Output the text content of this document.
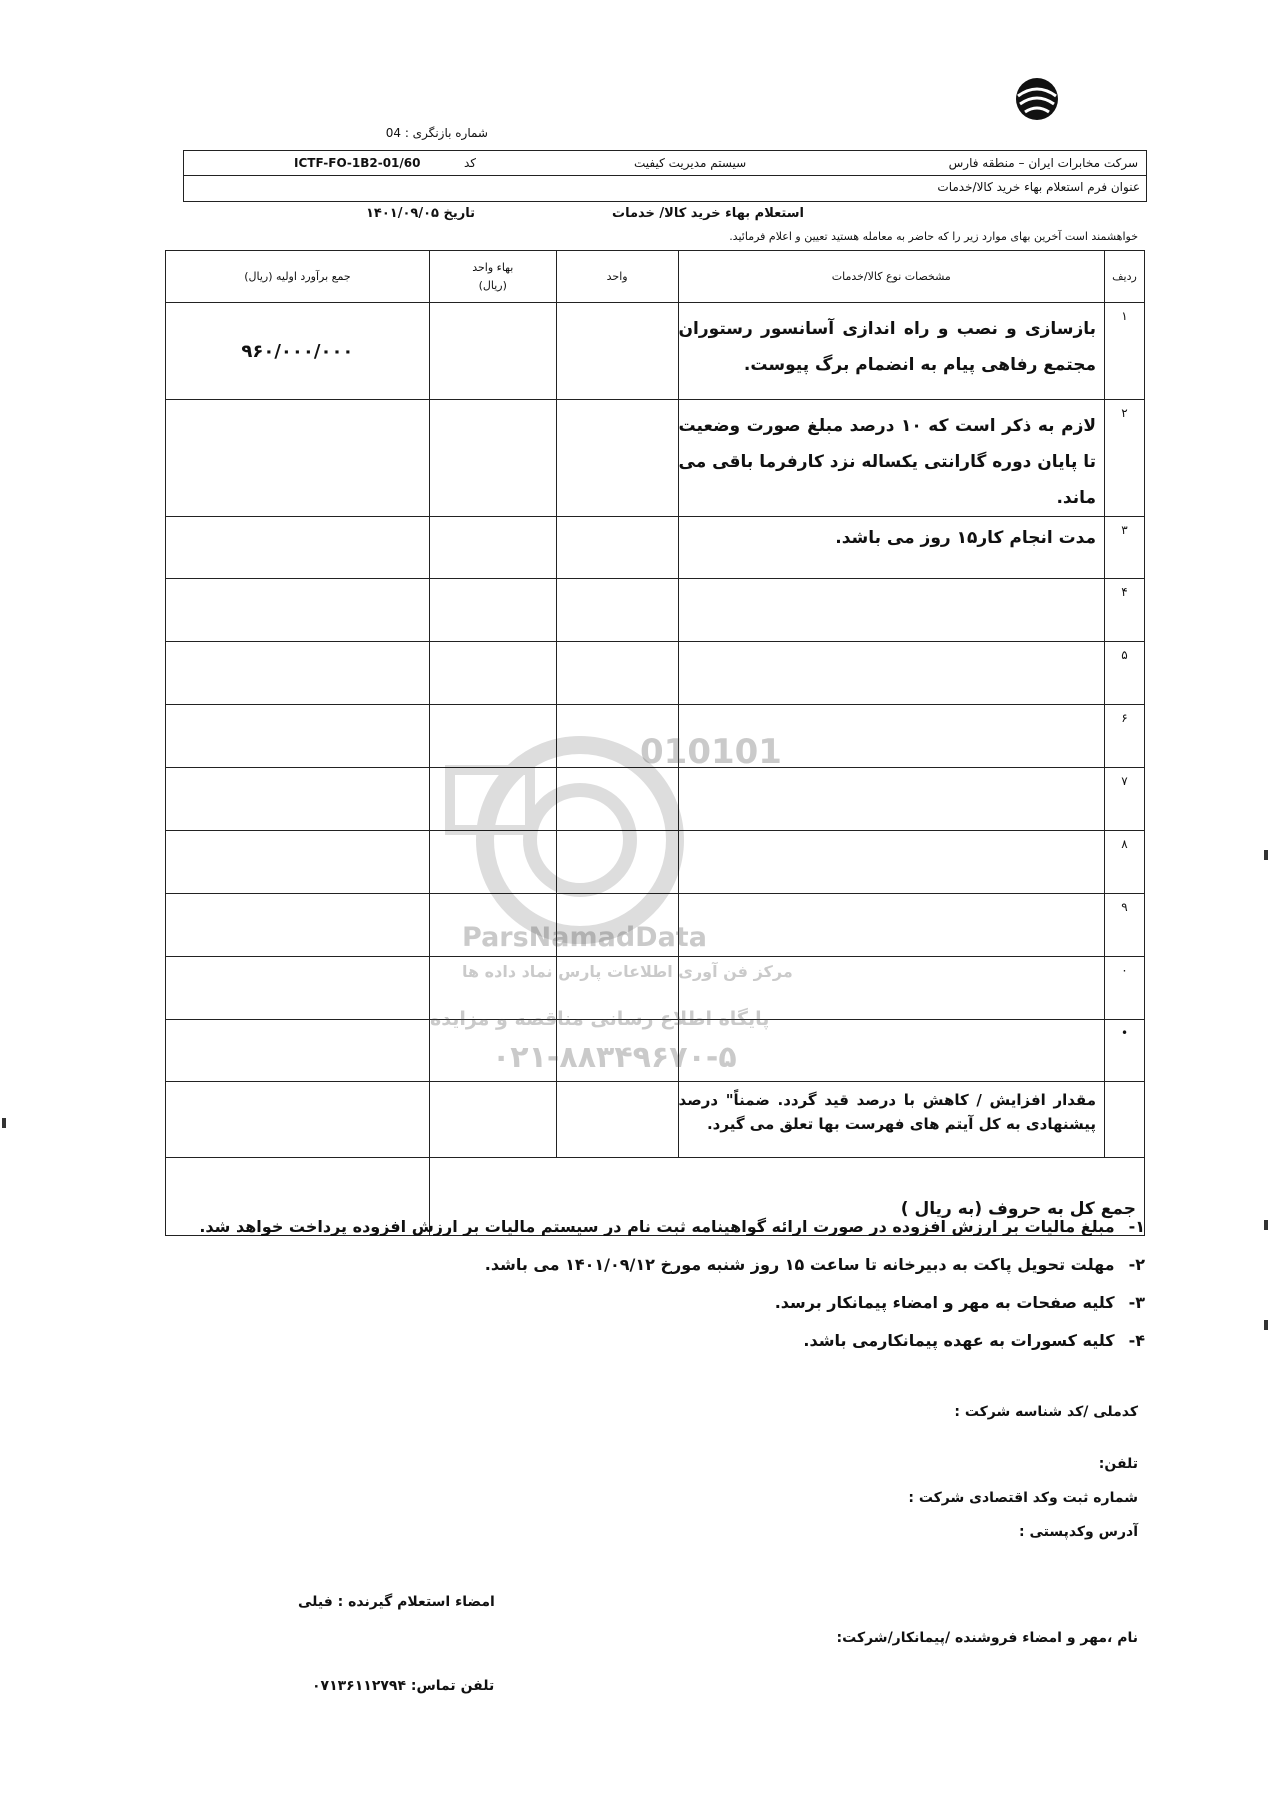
شماره بازنگری : 04
سرکت مخابرات ایران – منطقه فارس
سیستم مدیریت کیفیت
کد
ICTF-FO-1B2-01/60
عنوان فرم استعلام بهاء خرید کالا/خدمات
استعلام بهاء خرید کالا/ خدمات
تاریخ ۱۴۰۱/۰۹/۰۵
خواهشمند است آخرین بهای موارد زیر را که حاضر به معامله هستید تعیین و اعلام فرمائید.
ردیف	مشخصات نوع کالا/خدمات	واحد	بهاء واحد
(ریال)	جمع برآورد اولیه (ریال)
۱	بازسازی و نصب و راه اندازی آسانسور رستوران مجتمع رفاهی پیام به انضمام برگ پیوست.			۹۶۰/۰۰۰/۰۰۰
۲	لازم به ذکر است که ۱۰ درصد مبلغ صورت وضعیت تا پایان دوره گارانتی یکساله نزد کارفرما باقی می ماند.			
۳	مدت انجام کار۱۵ روز می باشد.			
۴				
۵				
۶				
۷				
۸				
۹				
۰				
•				
	مقدار افزایش / کاهش با درصد قید گردد. ضمناً" درصد پیشنهادی به کل آیتم های فهرست بها تعلق می گیرد.			
جمع کل به حروف (به ریال )				
010101
ParsNamadData
مرکز فن آوری اطلاعات پارس نماد داده ها
پایگاه اطلاع رسانی مناقصه و مزایده
۰۲۱-۸۸۳۴۹۶۷۰-۵
۱-مبلغ مالیات بر ارزش افزوده در صورت ارائه گواهینامه ثبت نام در سیستم مالیات بر ارزش افزوده پرداخت خواهد شد.
۲-مهلت تحویل پاکت به دبیرخانه تا ساعت ۱۵ روز شنبه مورخ ۱۴۰۱/۰۹/۱۲ می باشد.
۳-کلیه صفحات به مهر و امضاء پیمانکار برسد.
۴-کلیه کسورات به عهده پیمانکارمی باشد.
کدملی /کد شناسه شرکت :
تلفن:
شماره ثبت وکد اقتصادی شرکت :
آدرس وکدپستی :
امضاء استعلام گیرنده : فیلی
نام ،مهر و امضاء فروشنده /پیمانکار/شرکت:
تلفن تماس: ۰۷۱۳۶۱۱۲۷۹۴
